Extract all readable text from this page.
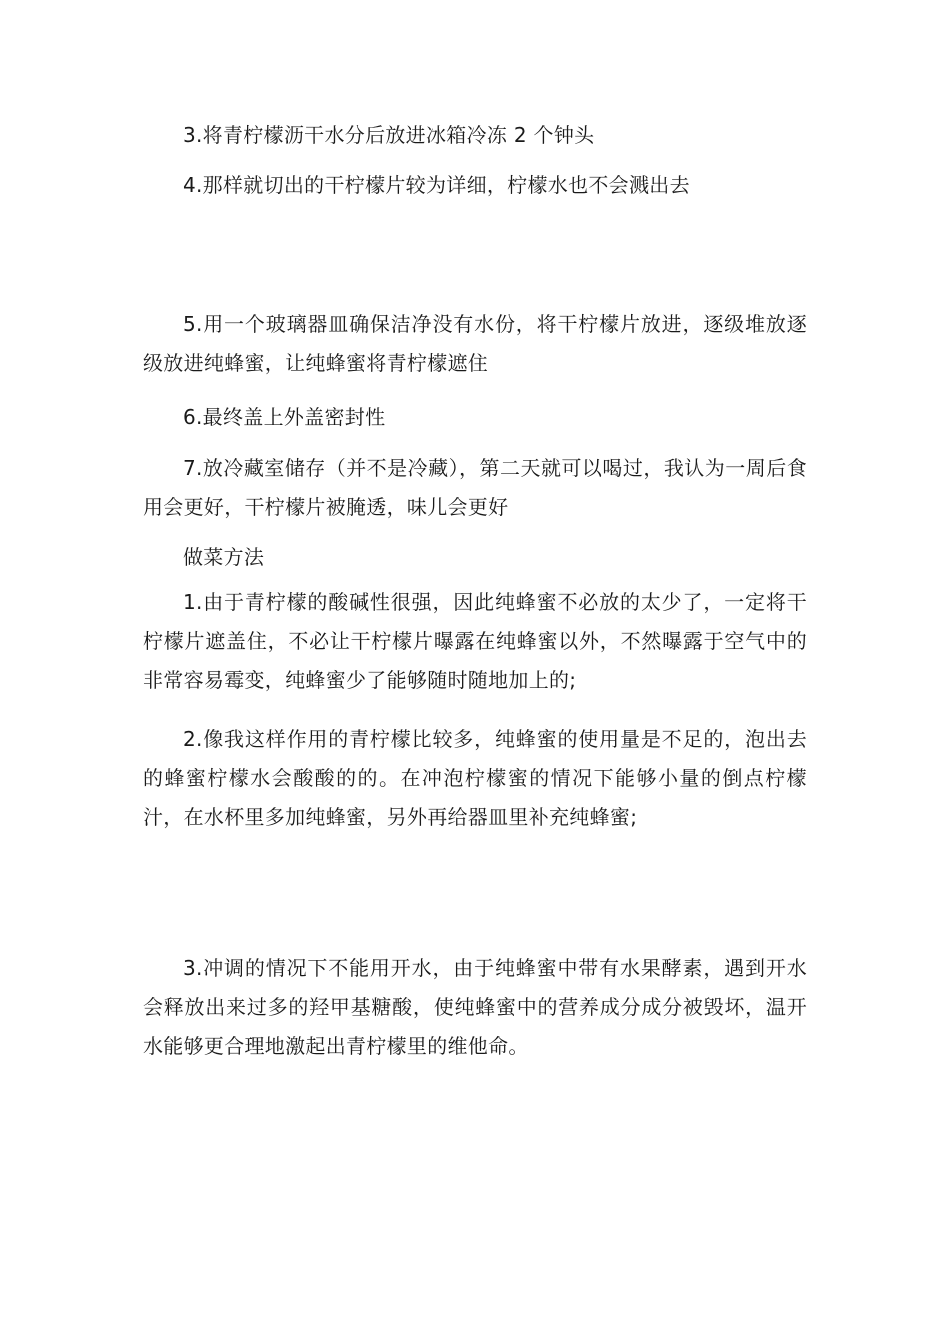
3.将青柠檬沥干水分后放进冰箱冷冻 2 个钟头

4.那样就切出的干柠檬片较为详细，柠檬水也不会溅出去

5.用一个玻璃器皿确保洁净没有水份，将干柠檬片放进，逐级堆放逐级放进纯蜂蜜，让纯蜂蜜将青柠檬遮住

6.最终盖上外盖密封性

7.放冷藏室储存（并不是冷藏），第二天就可以喝过，我认为一周后食用会更好，干柠檬片被腌透，味儿会更好

做菜方法

1.由于青柠檬的酸碱性很强，因此纯蜂蜜不必放的太少了，一定将干柠檬片遮盖住，不必让干柠檬片曝露在纯蜂蜜以外，不然曝露于空气中的非常容易霉变，纯蜂蜜少了能够随时随地加上的;

2.像我这样作用的青柠檬比较多，纯蜂蜜的使用量是不足的，泡出去的蜂蜜柠檬水会酸酸的的。在冲泡柠檬蜜的情况下能够小量的倒点柠檬汁，在水杯里多加纯蜂蜜，另外再给器皿里补充纯蜂蜜;

3.冲调的情况下不能用开水，由于纯蜂蜜中带有水果酵素，遇到开水会释放出来过多的羟甲基糖酸，使纯蜂蜜中的营养成分成分被毁坏，温开水能够更合理地激起出青柠檬里的维他命。
